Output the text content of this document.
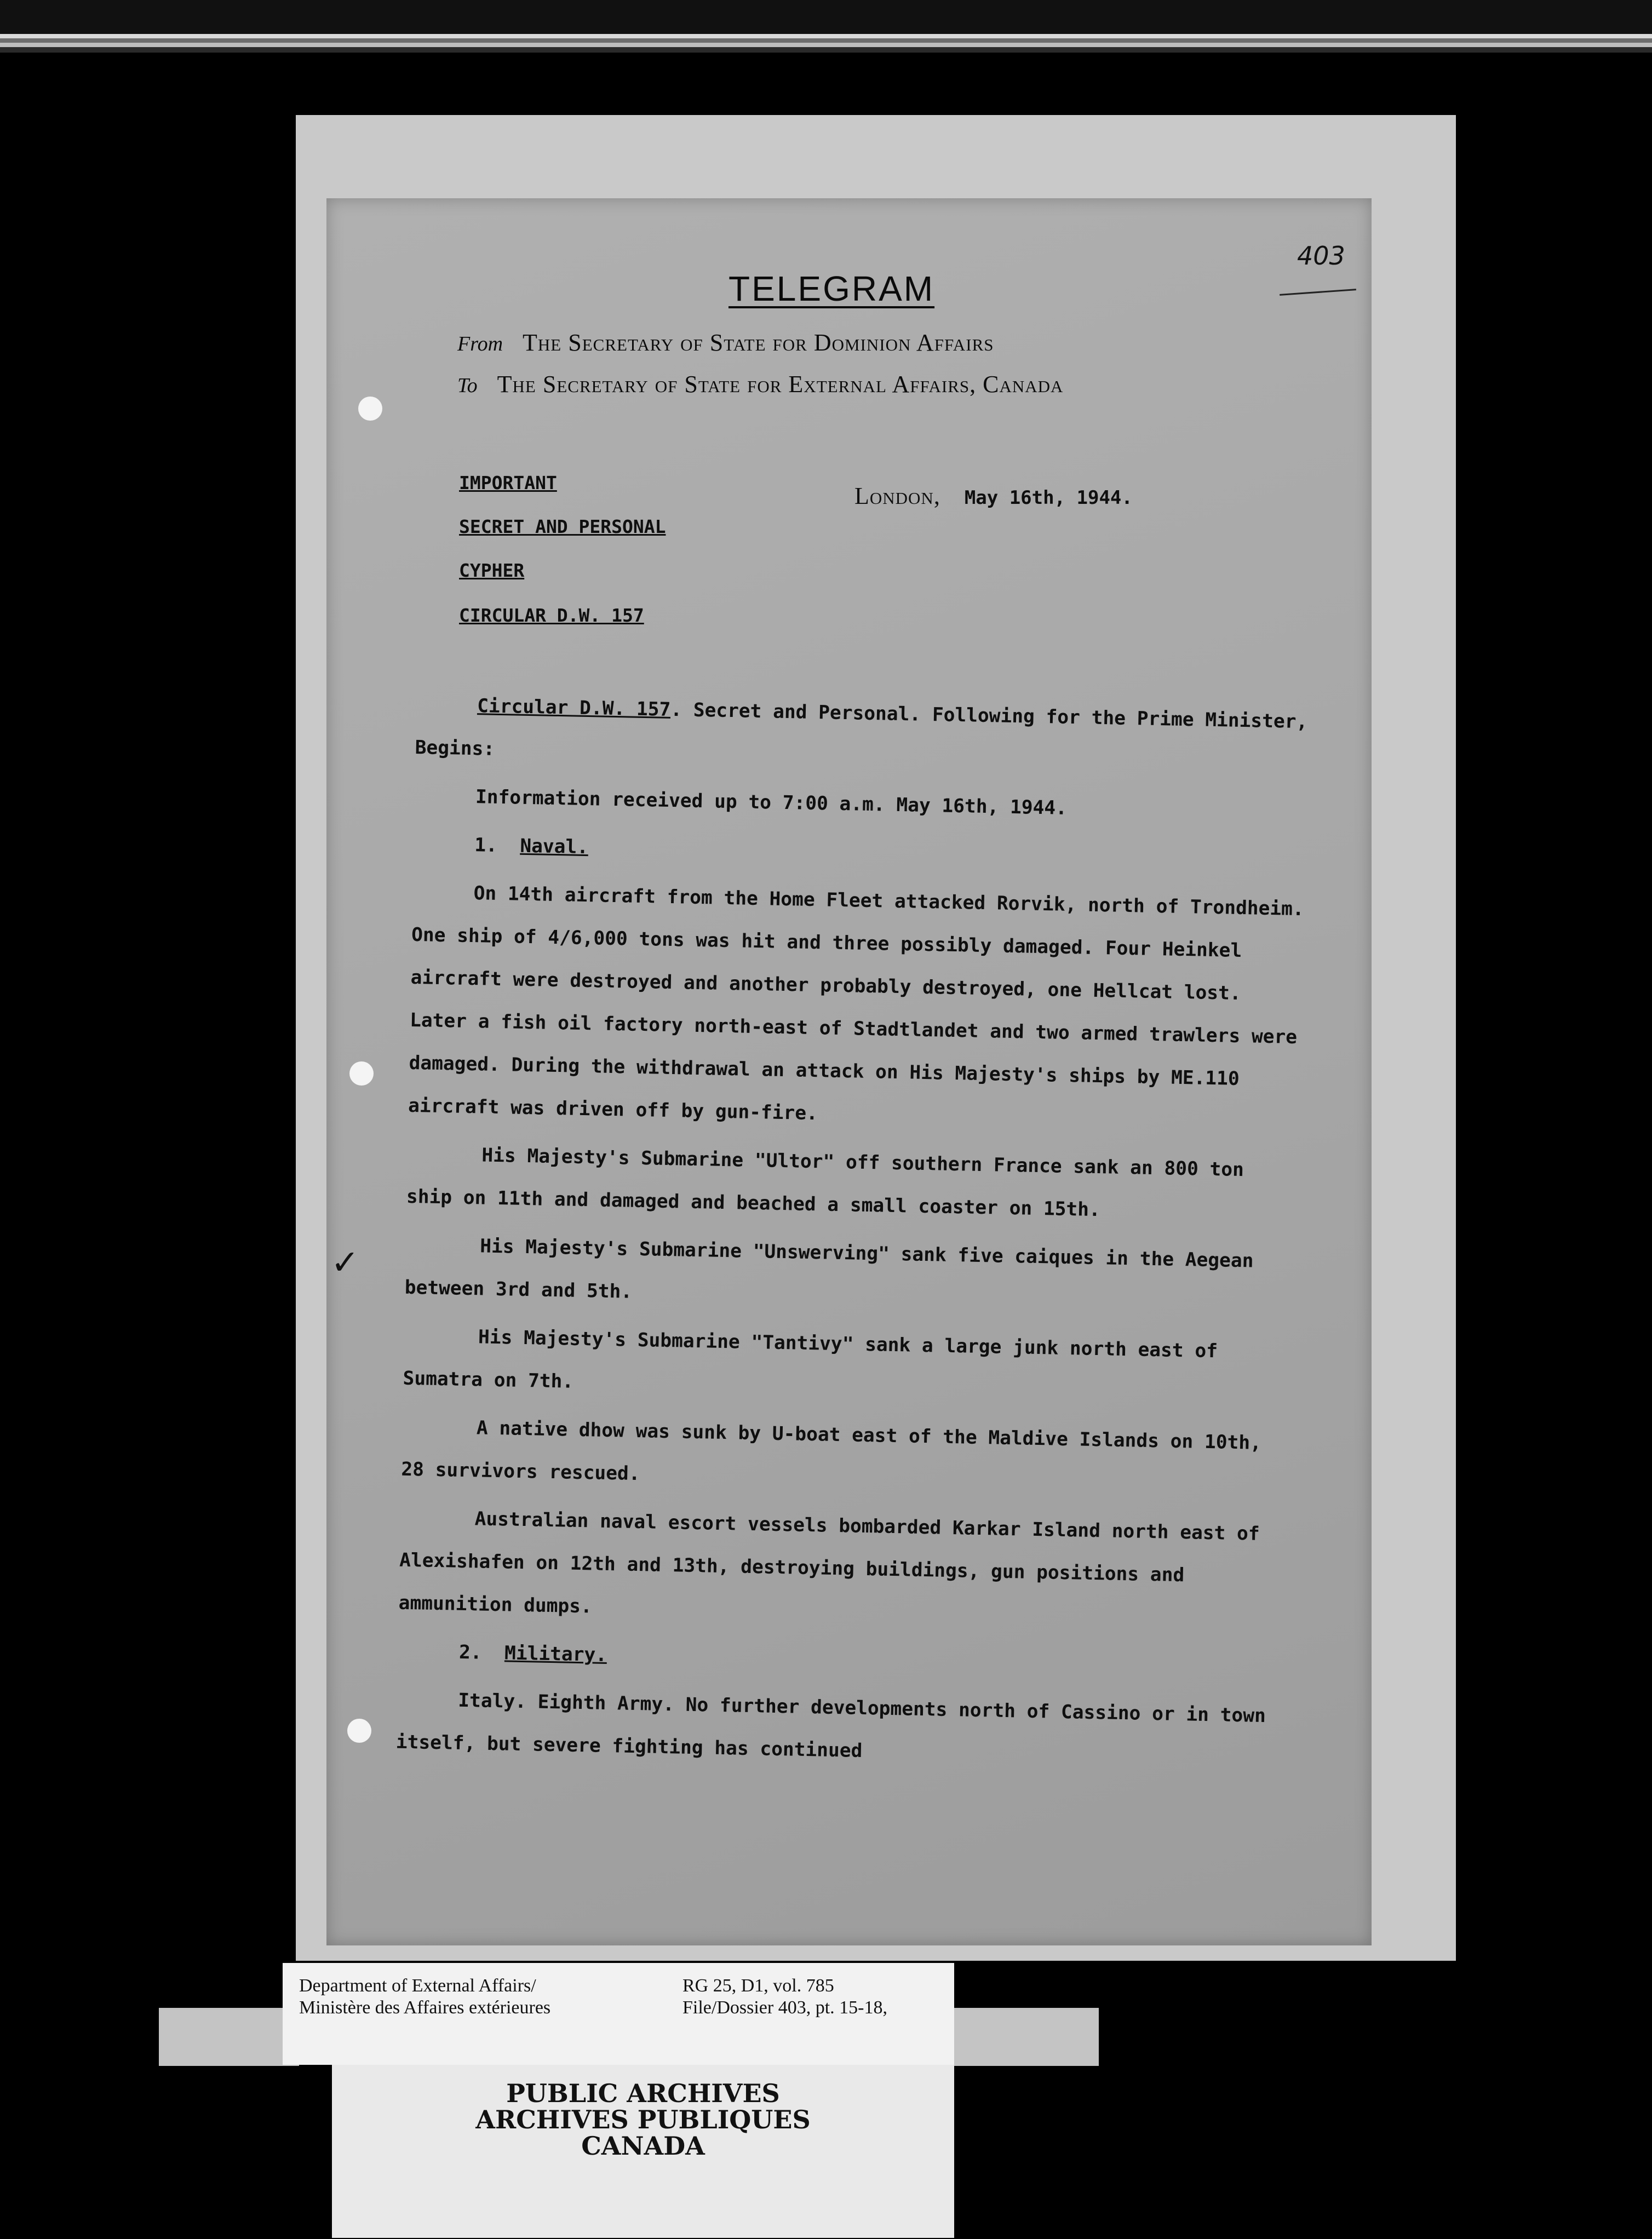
403
✓
TELEGRAM
From The Secretary of State for Dominion Affairs
To The Secretary of State for External Affairs, Canada
IMPORTANT
SECRET AND PERSONAL
CYPHER
CIRCULAR D.W. 157
London, May 16th, 1944.

Circular D.W. 157. Secret and Personal. Following for the Prime Minister, Begins:

Information received up to 7:00 a.m. May 16th, 1944.

1. Naval.

On 14th aircraft from the Home Fleet attacked Rorvik, north of Trondheim. One ship of 4/6,000 tons was hit and three possibly damaged. Four Heinkel aircraft were destroyed and another probably destroyed, one Hellcat lost. Later a fish oil factory north-east of Stadtlandet and two armed trawlers were damaged. During the withdrawal an attack on His Majesty's ships by ME.110 aircraft was driven off by gun-fire.

His Majesty's Submarine "Ultor" off southern France sank an 800 ton ship on 11th and damaged and beached a small coaster on 15th.

His Majesty's Submarine "Unswerving" sank five caiques in the Aegean between 3rd and 5th.

His Majesty's Submarine "Tantivy" sank a large junk north east of Sumatra on 7th.

A native dhow was sunk by U-boat east of the Maldive Islands on 10th, 28 survivors rescued.

Australian naval escort vessels bombarded Karkar Island north east of Alexishafen on 12th and 13th, destroying buildings, gun positions and ammunition dumps.

2. Military.

Italy. Eighth Army. No further developments north of Cassino or in town itself, but severe fighting has continued

Department of External Affairs/
Ministère des Affaires extérieures
RG 25, D1, vol. 785
File/Dossier 403, pt. 15-18,
PUBLIC ARCHIVES
ARCHIVES PUBLIQUES
CANADA
